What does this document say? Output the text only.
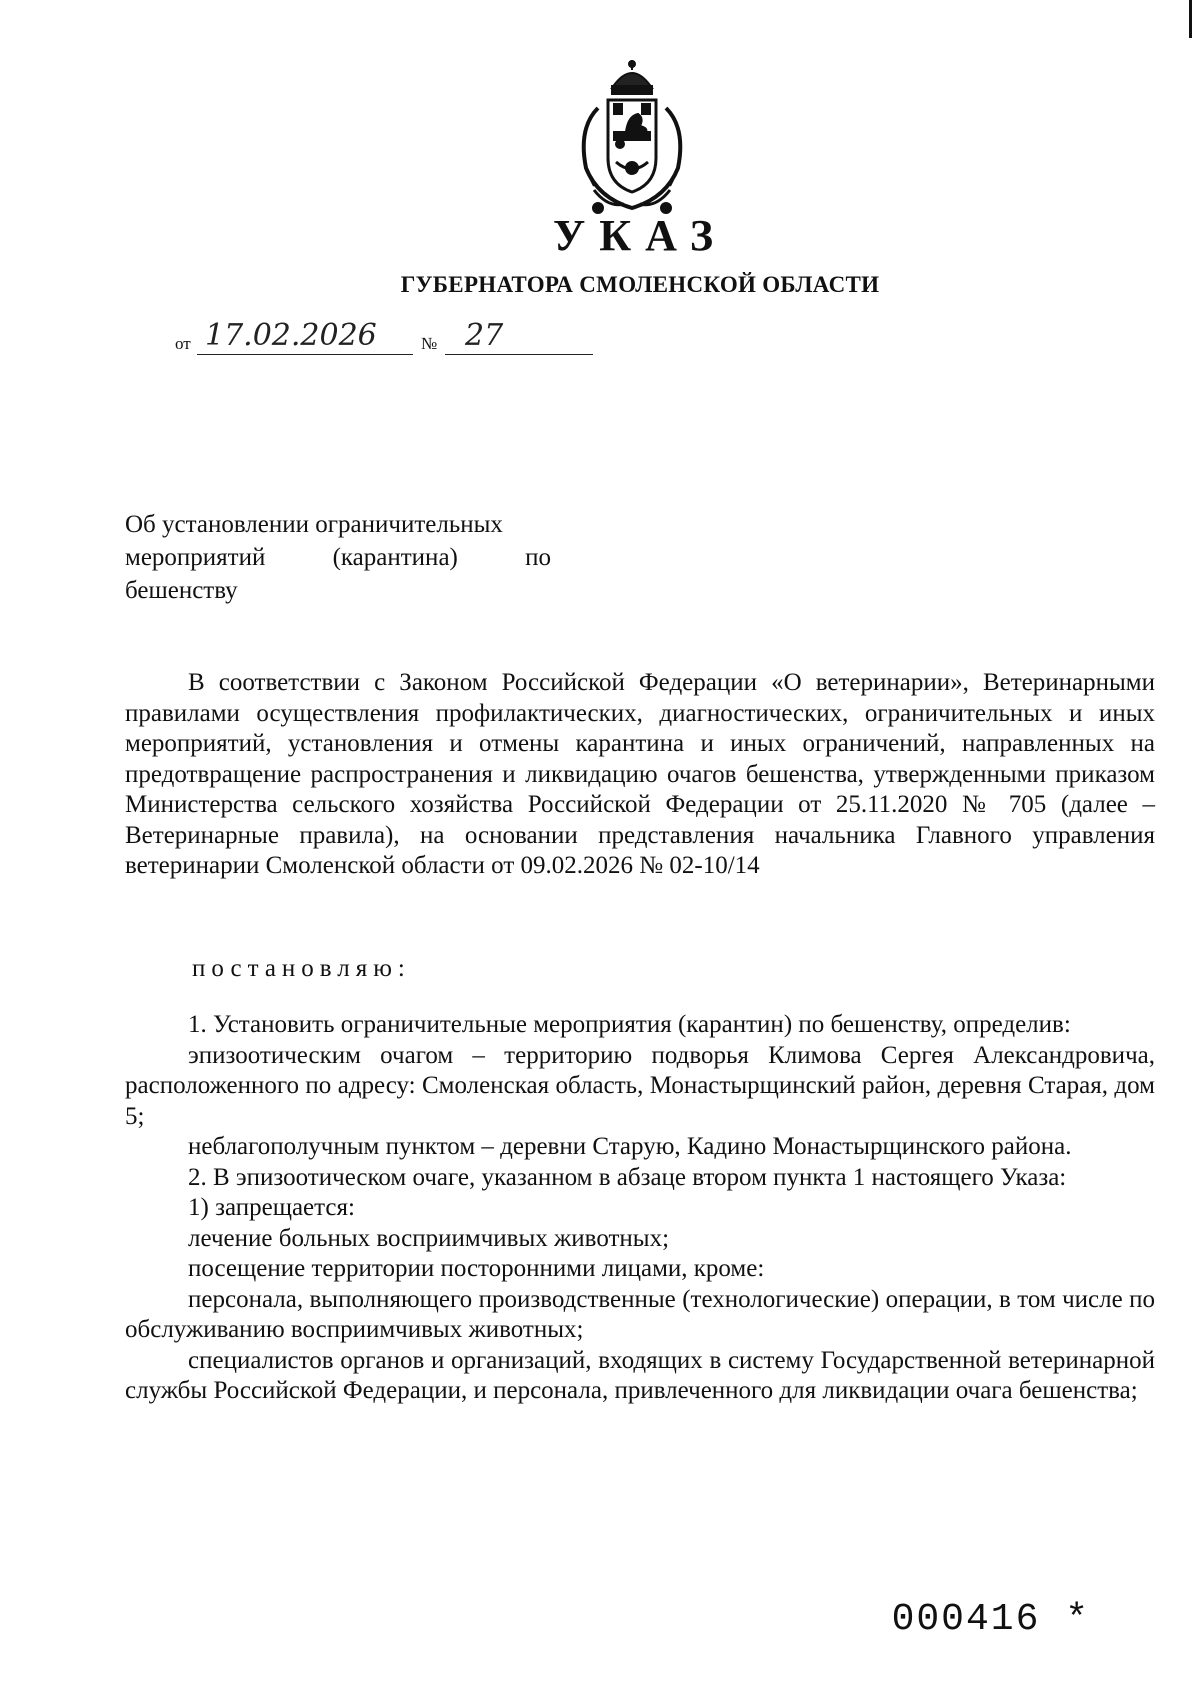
УКАЗ
ГУБЕРНАТОРА СМОЛЕНСКОЙ ОБЛАСТИ
от 17.02.2026	№ 27
Об установлении ограничительных
мероприятий	(карантина)	по
бешенству

В соответствии с Законом Российской Федерации «О ветеринарии», Ветеринарными правилами осуществления профилактических, диагностических, ограничительных и иных мероприятий, установления и отмены карантина и иных ограничений, направленных на предотвращение распространения и ликвидацию очагов бешенства, утвержденными приказом Министерства сельского хозяйства Российской Федерации от 25.11.2020 № 705 (далее – Ветеринарные правила), на основании представления начальника Главного управления ветеринарии Смоленской области от 09.02.2026 № 02-10/14

постановляю:

1. Установить ограничительные мероприятия (карантин) по бешенству, определив:

эпизоотическим очагом – территорию подворья Климова Сергея Александровича, расположенного по адресу: Смоленская область, Монастырщинский район, деревня Старая, дом 5;

неблагополучным пунктом – деревни Старую, Кадино Монастырщинского района.

2. В эпизоотическом очаге, указанном в абзаце втором пункта 1 настоящего Указа:

1) запрещается:

лечение больных восприимчивых животных;

посещение территории посторонними лицами, кроме:

персонала, выполняющего производственные (технологические) операции, в том числе по обслуживанию восприимчивых животных;

специалистов органов и организаций, входящих в систему Государственной ветеринарной службы Российской Федерации, и персонала, привлеченного для ликвидации очага бешенства;

000416 *
